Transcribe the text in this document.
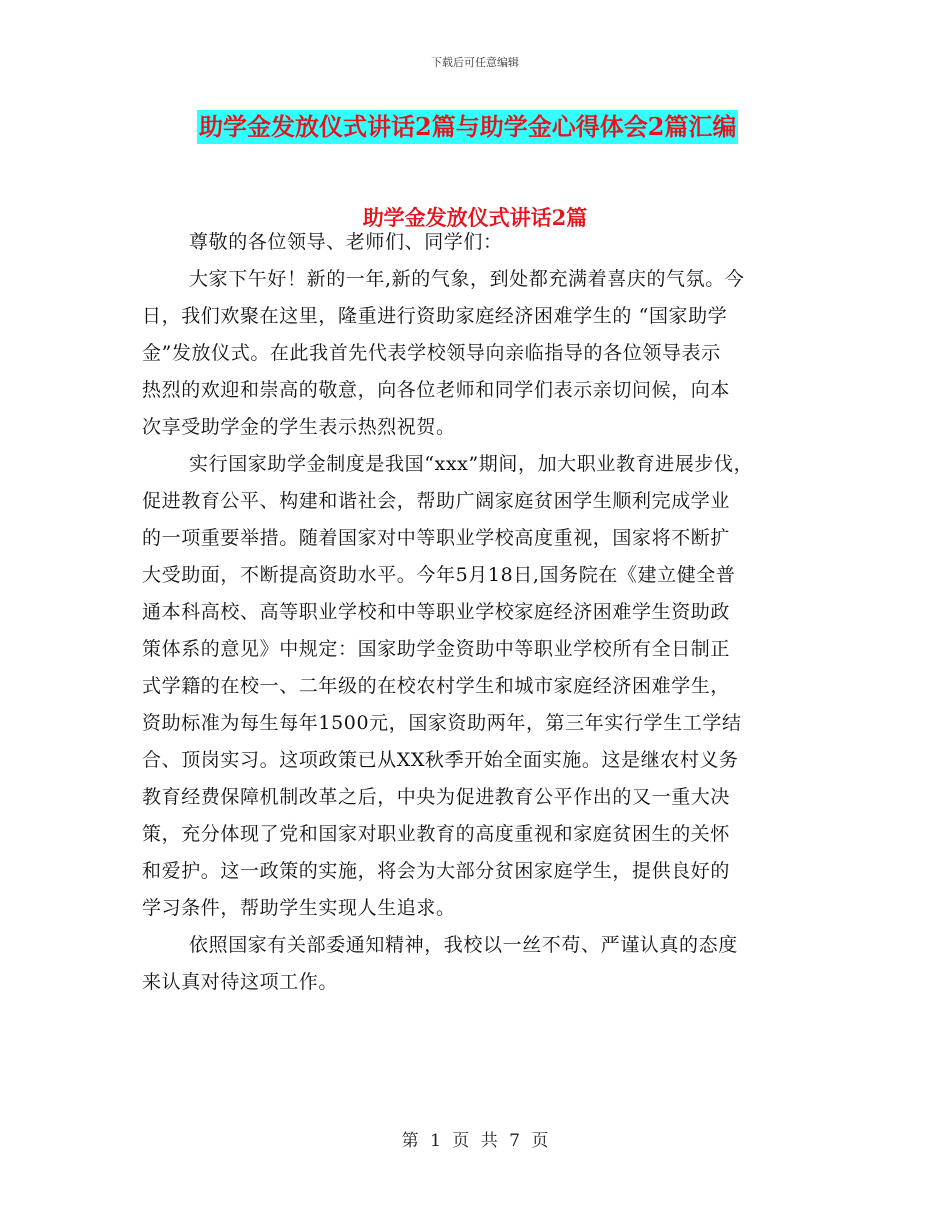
下载后可任意编辑
助学金发放仪式讲话2篇与助学金心得体会2篇汇编
助学金发放仪式讲话2篇
尊敬的各位领导、老师们、同学们：
大家下午好！新的一年,新的气象，到处都充满着喜庆的气氛。今
日，我们欢聚在这里，隆重进行资助家庭经济困难学生的 “国家助学
金”发放仪式。在此我首先代表学校领导向亲临指导的各位领导表示
热烈的欢迎和崇高的敬意，向各位老师和同学们表示亲切问候，向本
次享受助学金的学生表示热烈祝贺。
实行国家助学金制度是我国“xxx”期间，加大职业教育进展步伐，
促进教育公平、构建和谐社会，帮助广阔家庭贫困学生顺利完成学业
的一项重要举措。随着国家对中等职业学校高度重视，国家将不断扩
大受助面，不断提高资助水平。今年5月18日,国务院在《建立健全普
通本科高校、高等职业学校和中等职业学校家庭经济困难学生资助政
策体系的意见》中规定：国家助学金资助中等职业学校所有全日制正
式学籍的在校一、二年级的在校农村学生和城市家庭经济困难学生，
资助标准为每生每年1500元，国家资助两年，第三年实行学生工学结
合、顶岗实习。这项政策已从XX秋季开始全面实施。这是继农村义务
教育经费保障机制改革之后，中央为促进教育公平作出的又一重大决
策，充分体现了党和国家对职业教育的高度重视和家庭贫困生的关怀
和爱护。这一政策的实施，将会为大部分贫困家庭学生，提供良好的
学习条件，帮助学生实现人生追求。
依照国家有关部委通知精神，我校以一丝不苟、严谨认真的态度
来认真对待这项工作。
第 1 页 共 7 页
